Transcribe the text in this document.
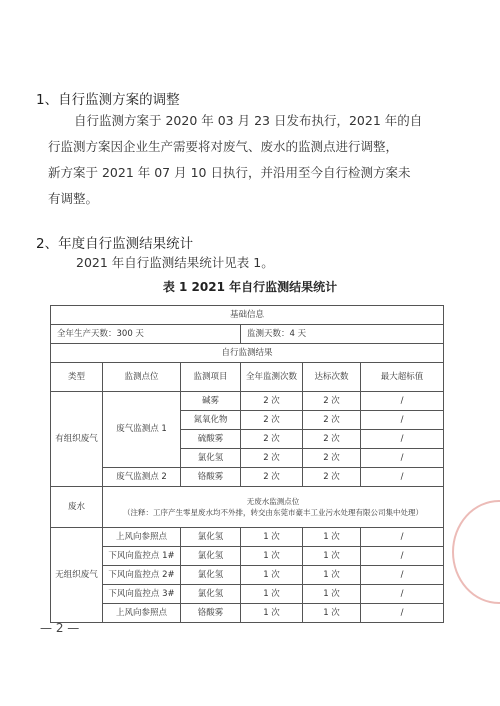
1、自行监测方案的调整
自行监测方案于 2020 年 03 月 23 日发布执行，2021 年的自
行监测方案因企业生产需要将对废气、废水的监测点进行调整，
新方案于 2021 年 07 月 10 日执行，并沿用至今自行检测方案未
有调整。
2、年度自行监测结果统计
2021 年自行监测结果统计见表 1。
表 1 2021 年自行监测结果统计
基础信息					
全年生产天数：300 天			监测天数：4 天		
自行监测结果					
类型	监测点位	监测项目	全年监测次数	达标次数	最大超标值
有组织废气	废气监测点 1	碱雾	2 次	2 次	/
		氮氧化物	2 次	2 次	/
		硫酸雾	2 次	2 次	/
		氯化氢	2 次	2 次	/
	废气监测点 2	铬酸雾	2 次	2 次	/
废水	无废水监测点位
（注释：工序产生零星废水均不外排，转交由东莞市豪丰工业污水处理有限公司集中处理）				

无组织废气	上风向参照点	氯化氢	1 次	1 次	/
	下风向监控点 1#	氯化氢	1 次	1 次	/
	下风向监控点 2#	氯化氢	1 次	1 次	/
	下风向监控点 3#	氯化氢	1 次	1 次	/
	上风向参照点	铬酸雾	1 次	1 次	/
— 2 —
